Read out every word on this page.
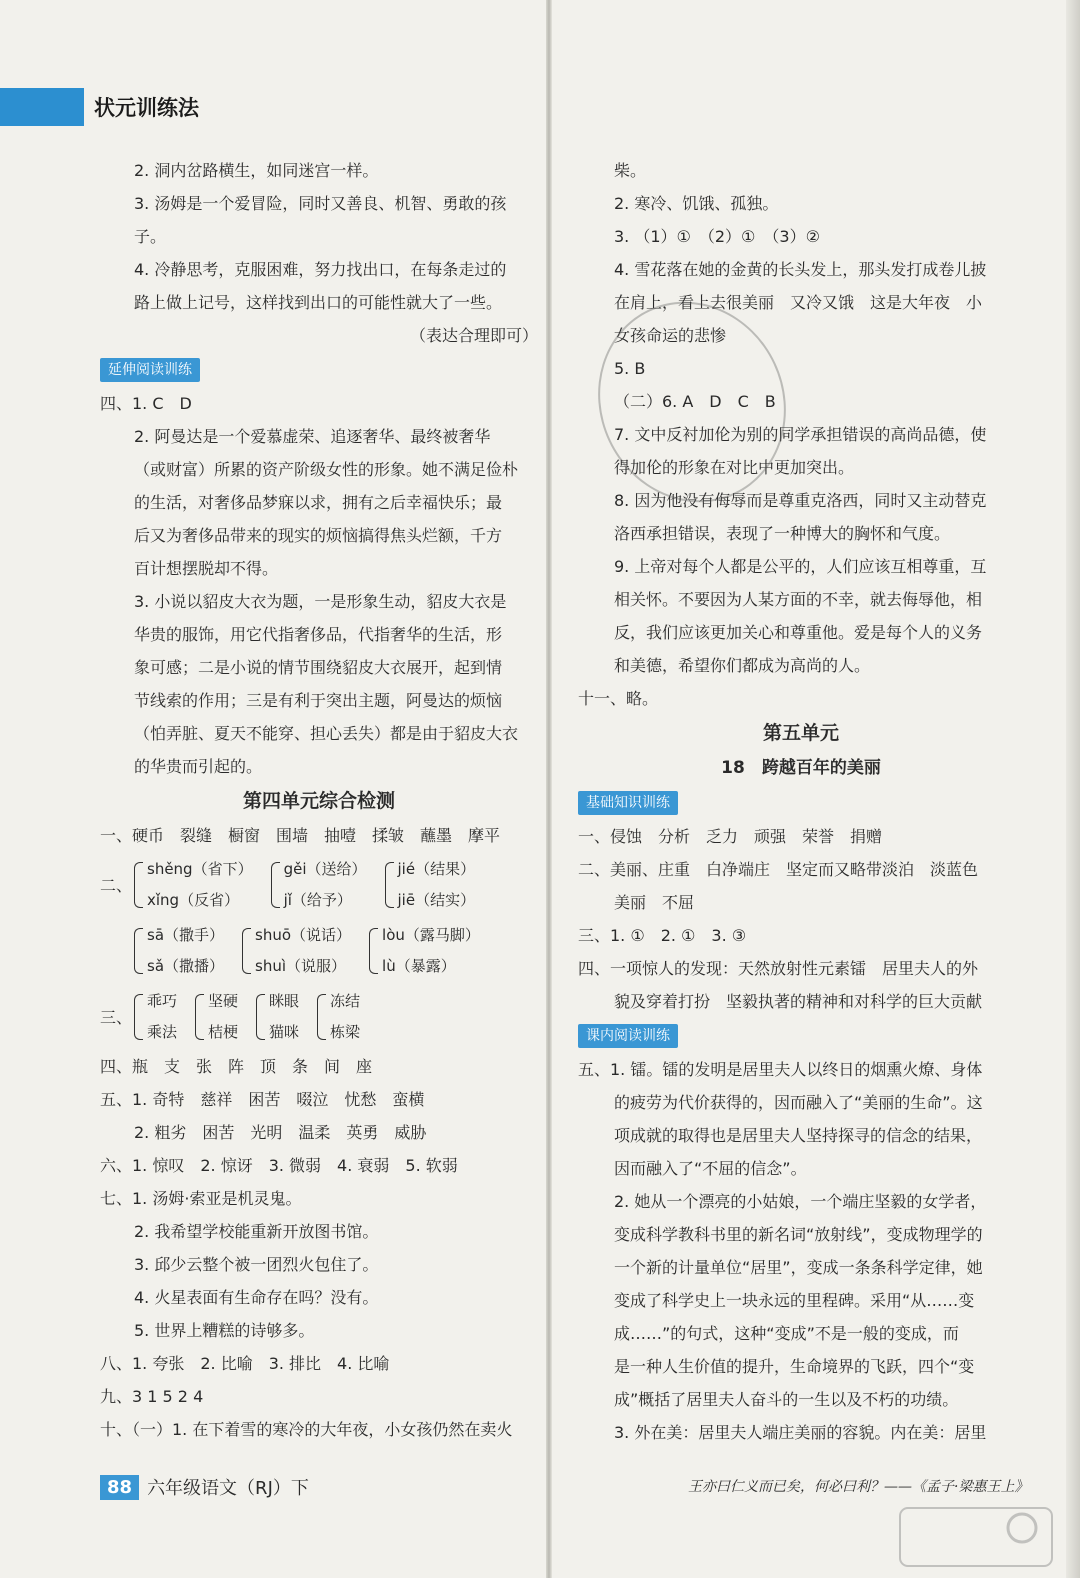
状元训练法
2. 洞内岔路横生，如同迷宫一样。
3. 汤姆是一个爱冒险，同时又善良、机智、勇敢的孩
子。
4. 冷静思考，克服困难，努力找出口，在每条走过的
路上做上记号，这样找到出口的可能性就大了一些。
（表达合理即可）
延伸阅读训练
四、1. C　D
2. 阿曼达是一个爱慕虚荣、追逐奢华、最终被奢华
（或财富）所累的资产阶级女性的形象。她不满足俭朴
的生活，对奢侈品梦寐以求，拥有之后幸福快乐；最
后又为奢侈品带来的现实的烦恼搞得焦头烂额，千方
百计想摆脱却不得。
3. 小说以貂皮大衣为题，一是形象生动，貂皮大衣是
华贵的服饰，用它代指奢侈品，代指奢华的生活，形
象可感；二是小说的情节围绕貂皮大衣展开，起到情
节线索的作用；三是有利于突出主题，阿曼达的烦恼
（怕弄脏、夏天不能穿、担心丢失）都是由于貂皮大衣
的华贵而引起的。
第四单元综合检测
一、硬币　裂缝　橱窗　围墙　抽噎　揉皱　蘸墨　摩平
二、
shěng（省下）
xǐng（反省）
gěi（送给）
jǐ（给予）
jié（结果）
jiē（结实）
sā（撒手）
sǎ（撒播）
shuō（说话）
shuì（说服）
lòu（露马脚）
lù（暴露）
三、
乖巧
乘法
坚硬
桔梗
眯眼
猫咪
冻结
栋梁
四、瓶　支　张　阵　顶　条　间　座
五、1. 奇特　慈祥　困苦　啜泣　忧愁　蛮横
2. 粗劣　困苦　光明　温柔　英勇　威胁
六、1. 惊叹　2. 惊讶　3. 微弱　4. 衰弱　5. 软弱
七、1. 汤姆·索亚是机灵鬼。
2. 我希望学校能重新开放图书馆。
3. 邱少云整个被一团烈火包住了。
4. 火星表面有生命存在吗？没有。
5. 世界上糟糕的诗够多。
八、1. 夸张　2. 比喻　3. 排比　4. 比喻
九、3 1 5 2 4
十、（一）1. 在下着雪的寒冷的大年夜，小女孩仍然在卖火
柴。
2. 寒冷、饥饿、孤独。
3. （1）①　（2）①　（3）②
4. 雪花落在她的金黄的长头发上，那头发打成卷儿披
在肩上，看上去很美丽　又冷又饿　这是大年夜　小
女孩命运的悲惨
5. B
（二）6. A　D　C　B
7. 文中反衬加伦为别的同学承担错误的高尚品德，使
得加伦的形象在对比中更加突出。
8. 因为他没有侮辱而是尊重克洛西，同时又主动替克
洛西承担错误，表现了一种博大的胸怀和气度。
9. 上帝对每个人都是公平的，人们应该互相尊重，互
相关怀。不要因为人某方面的不幸，就去侮辱他，相
反，我们应该更加关心和尊重他。爱是每个人的义务
和美德，希望你们都成为高尚的人。
十一、略。
第五单元
18　跨越百年的美丽
基础知识训练
一、侵蚀　分析　乏力　顽强　荣誉　捐赠
二、美丽、庄重　白净端庄　坚定而又略带淡泊　淡蓝色
美丽　不屈
三、1. ①　2. ①　3. ③
四、一项惊人的发现：天然放射性元素镭　居里夫人的外
貌及穿着打扮　坚毅执著的精神和对科学的巨大贡献
课内阅读训练
五、1. 镭。镭的发明是居里夫人以终日的烟熏火燎、身体
的疲劳为代价获得的，因而融入了“美丽的生命”。这
项成就的取得也是居里夫人坚持探寻的信念的结果，
因而融入了“不屈的信念”。
2. 她从一个漂亮的小姑娘，一个端庄坚毅的女学者，
变成科学教科书里的新名词“放射线”，变成物理学的
一个新的计量单位“居里”，变成一条条科学定律，她
变成了科学史上一块永远的里程碑。采用“从……变
成……”的句式，这种“变成”不是一般的变成，而
是一种人生价值的提升，生命境界的飞跃，四个“变
成”概括了居里夫人奋斗的一生以及不朽的功绩。
3. 外在美：居里夫人端庄美丽的容貌。内在美：居里
88 六年级语文（RJ）下	王亦曰仁义而已矣，何必曰利？——《孟子·梁惠王上》
